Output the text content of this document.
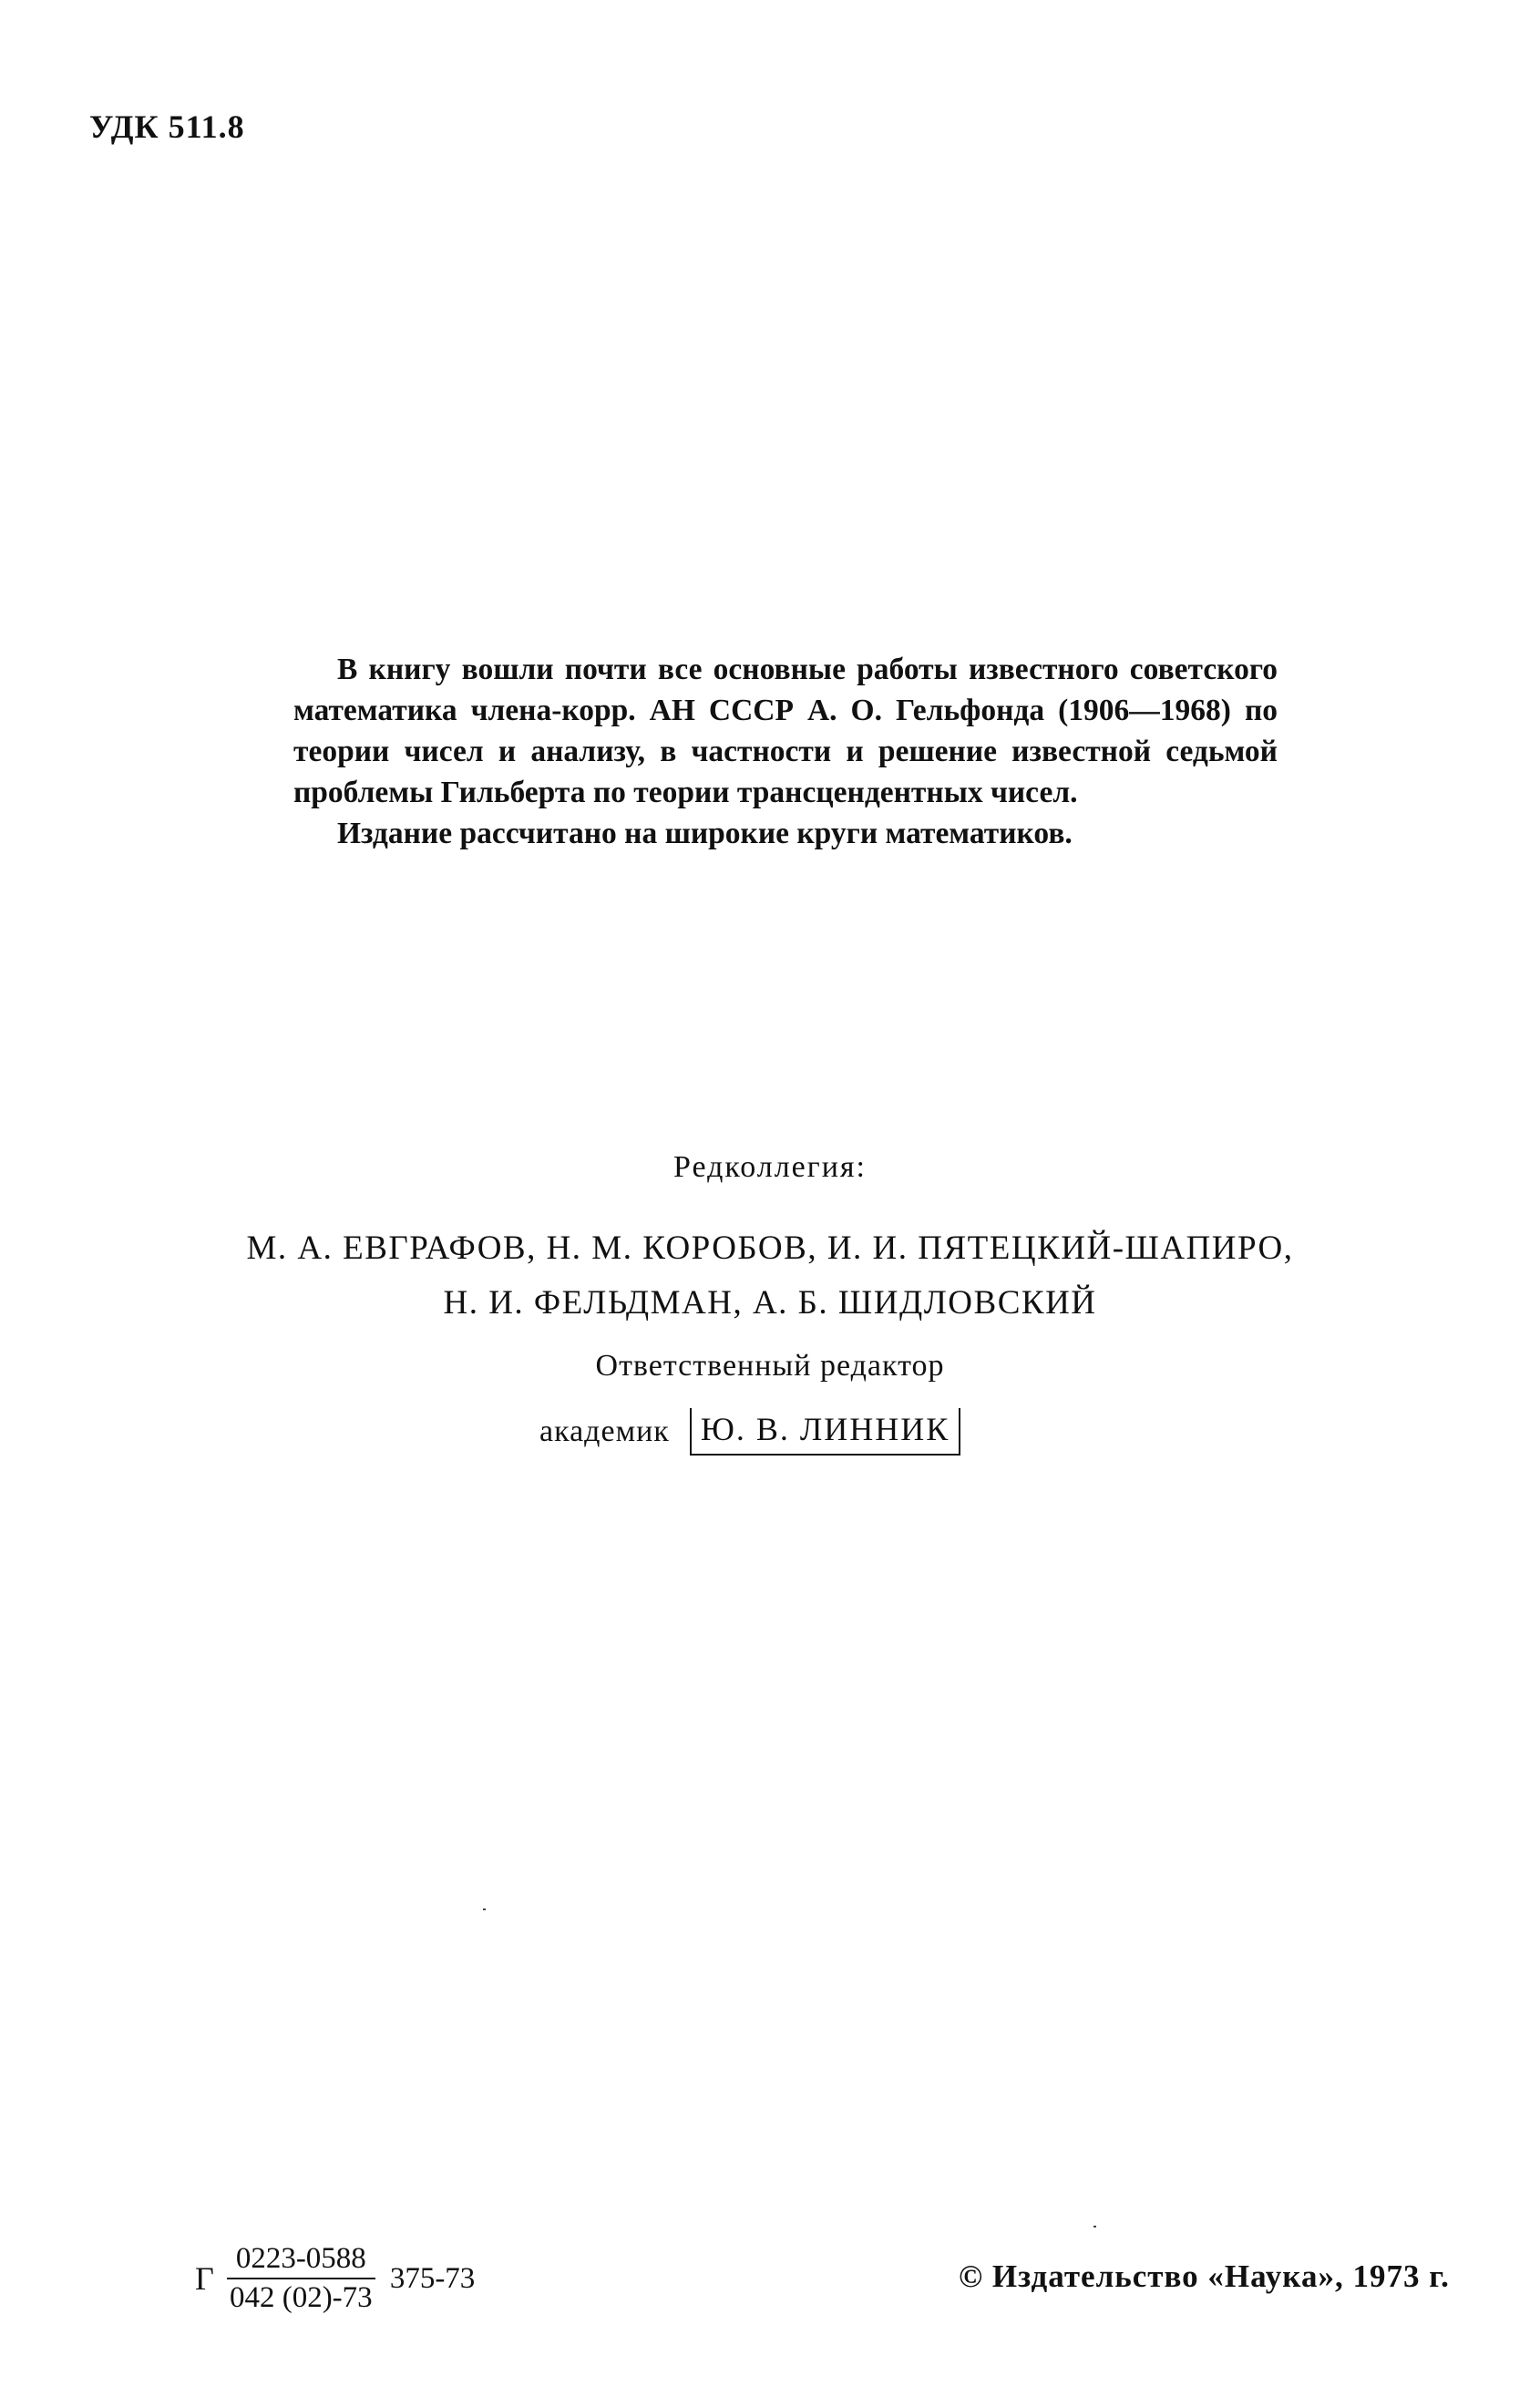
УДК 511.8

В книгу вошли почти все основные работы известного советского математика члена-корр. АН СССР А. О. Гельфонда (1906—1968) по теории чисел и анализу, в частности и решение известной седьмой проблемы Гильберта по теории трансцендентных чисел.

Издание рассчитано на широкие круги математиков.

Редколлегия:
М. А. ЕВГРАФОВ, Н. М. КОРОБОВ, И. И. ПЯТЕЦКИЙ-ШАПИРО,
Н. И. ФЕЛЬДМАН, А. Б. ШИДЛОВСКИЙ
Ответственный редактор
академик Ю. В. ЛИННИК
Г $\frac{0223-0588}{042 (02)-73} 375-73$	© Издательство «Наука», 1973 г.
